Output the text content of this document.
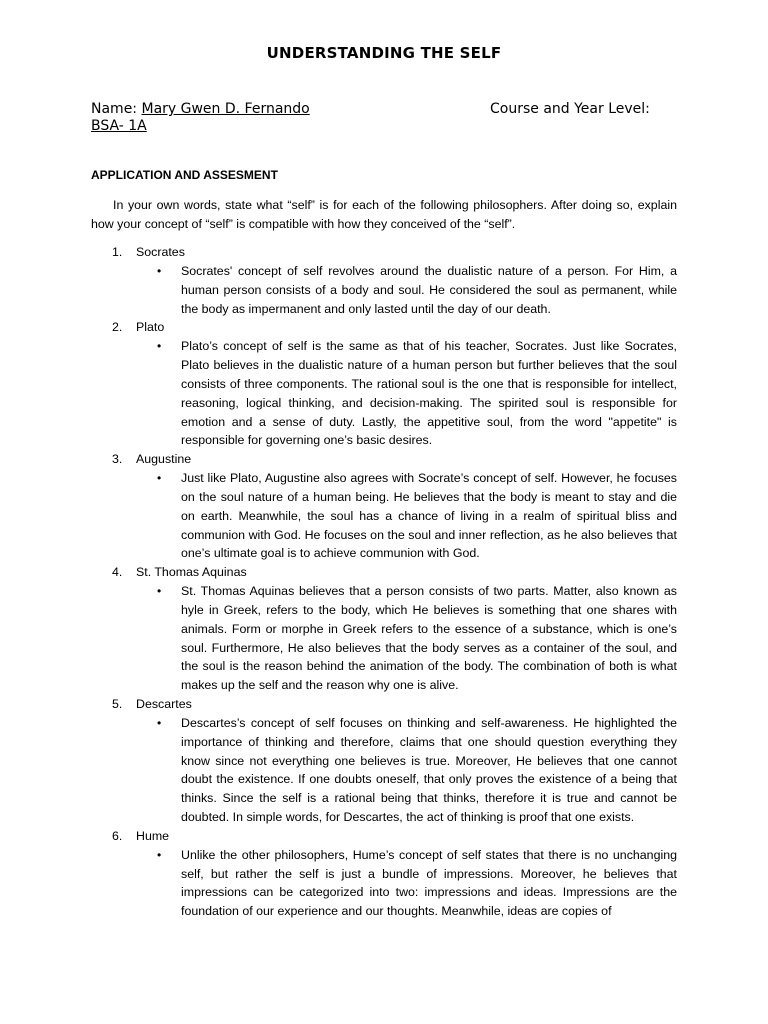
UNDERSTANDING THE SELF
Name: Mary Gwen D. Fernando	Course and Year Level:
BSA- 1A
APPLICATION AND ASSESMENT
In your own words, state what “self” is for each of the following philosophers. After doing so, explain how your concept of “self” is compatible with how they conceived of the “self”.
1.	Socrates
• Socrates' concept of self revolves around the dualistic nature of a person. For Him, a human person consists of a body and soul. He considered the soul as permanent, while the body as impermanent and only lasted until the day of our death.
2.	Plato
• Plato’s concept of self is the same as that of his teacher, Socrates. Just like Socrates, Plato believes in the dualistic nature of a human person but further believes that the soul consists of three components. The rational soul is the one that is responsible for intellect, reasoning, logical thinking, and decision-making. The spirited soul is responsible for emotion and a sense of duty. Lastly, the appetitive soul, from the word "appetite" is responsible for governing one’s basic desires.
3.	Augustine
• Just like Plato, Augustine also agrees with Socrate’s concept of self. However, he focuses on the soul nature of a human being. He believes that the body is meant to stay and die on earth. Meanwhile, the soul has a chance of living in a realm of spiritual bliss and communion with God. He focuses on the soul and inner reflection, as he also believes that one’s ultimate goal is to achieve communion with God.
4.	St. Thomas Aquinas
• St. Thomas Aquinas believes that a person consists of two parts. Matter, also known as hyle in Greek, refers to the body, which He believes is something that one shares with animals. Form or morphe in Greek refers to the essence of a substance, which is one’s soul. Furthermore, He also believes that the body serves as a container of the soul, and the soul is the reason behind the animation of the body. The combination of both is what makes up the self and the reason why one is alive.
5.	Descartes
• Descartes’s concept of self focuses on thinking and self-awareness. He highlighted the importance of thinking and therefore, claims that one should question everything they know since not everything one believes is true. Moreover, He believes that one cannot doubt the existence. If one doubts oneself, that only proves the existence of a being that thinks. Since the self is a rational being that thinks, therefore it is true and cannot be doubted. In simple words, for Descartes, the act of thinking is proof that one exists.
6.	Hume
• Unlike the other philosophers, Hume’s concept of self states that there is no unchanging self, but rather the self is just a bundle of impressions. Moreover, he believes that impressions can be categorized into two: impressions and ideas. Impressions are the foundation of our experience and our thoughts. Meanwhile, ideas are copies of
